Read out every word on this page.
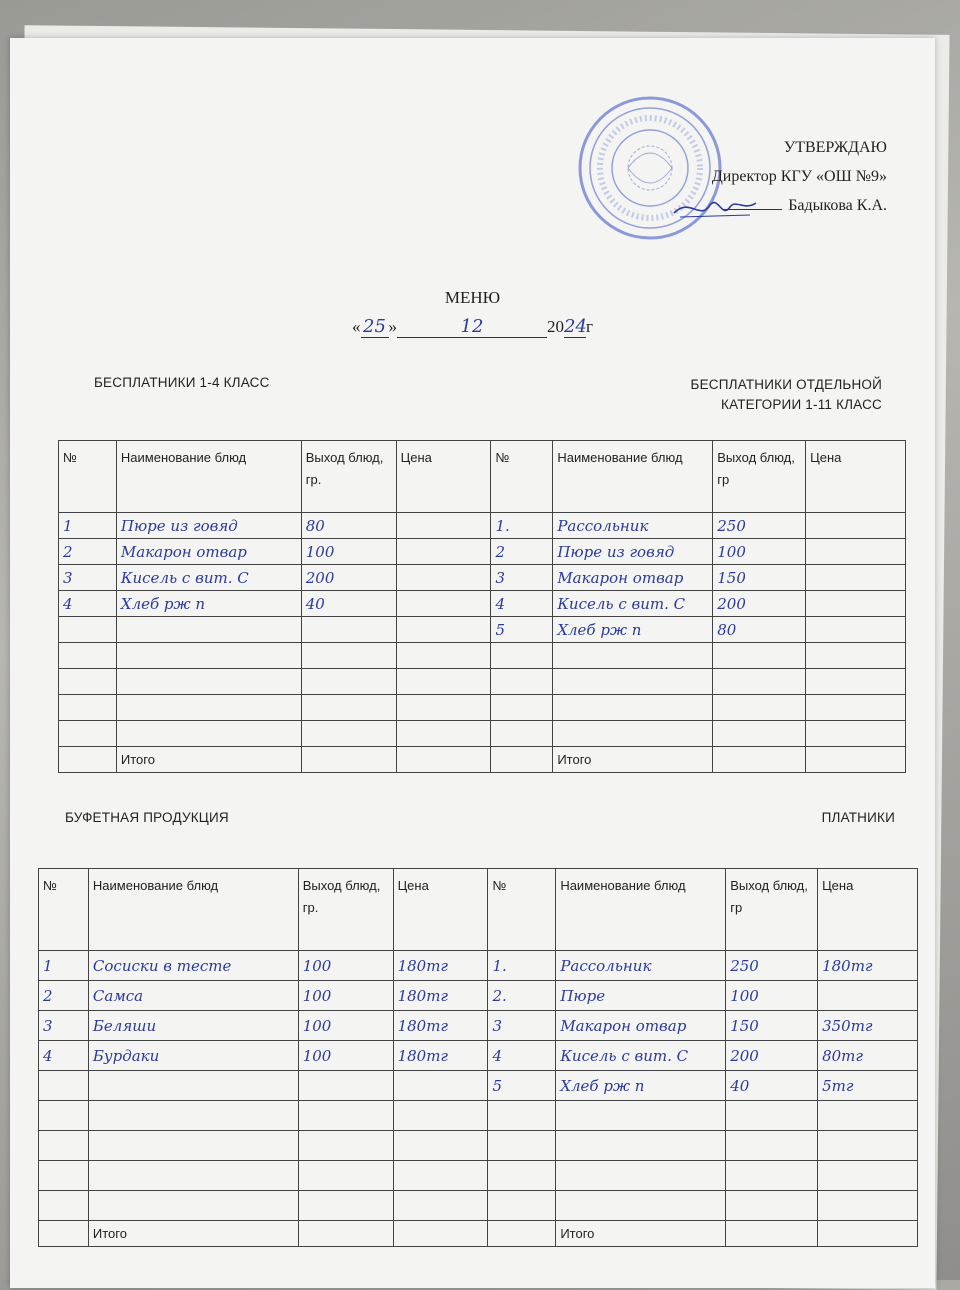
УТВЕРЖДАЮ
Директор КГУ «ОШ №9»
Бадыкова К.А.
МЕНЮ
« 25 »	12	2024г
БЕСПЛАТНИКИ 1-4 КЛАСС	БЕСПЛАТНИКИ ОТДЕЛЬНОЙ
КАТЕГОРИИ 1-11 КЛАСС
№	Наименование блюд	Выход блюд, гр.	Цена	№	Наименование блюд	Выход блюд, гр	Цена
1	Пюре из говяд	80		1.	Рассольник	250	
2	Макарон отвар	100		2	Пюре из говяд	100	
3	Кисель с вит. С	200		3	Макарон отвар	150	
4	Хлеб рж п	40		4	Кисель с вит. С	200	
				5	Хлеб рж п	80	

	Итого				Итого		
БУФЕТНАЯ ПРОДУКЦИЯ	ПЛАТНИКИ
№	Наименование блюд	Выход блюд, гр.	Цена	№	Наименование блюд	Выход блюд, гр	Цена
1	Сосиски в тесте	100	180тг	1.	Рассольник	250	180тг
2	Самса	100	180тг	2.	Пюре	100	
3	Беляши	100	180тг	3	Макарон отвар	150	350тг
4	Бурдаки	100	180тг	4	Кисель с вит. С	200	80тг
				5	Хлеб рж п	40	5тг

	Итого				Итого		
